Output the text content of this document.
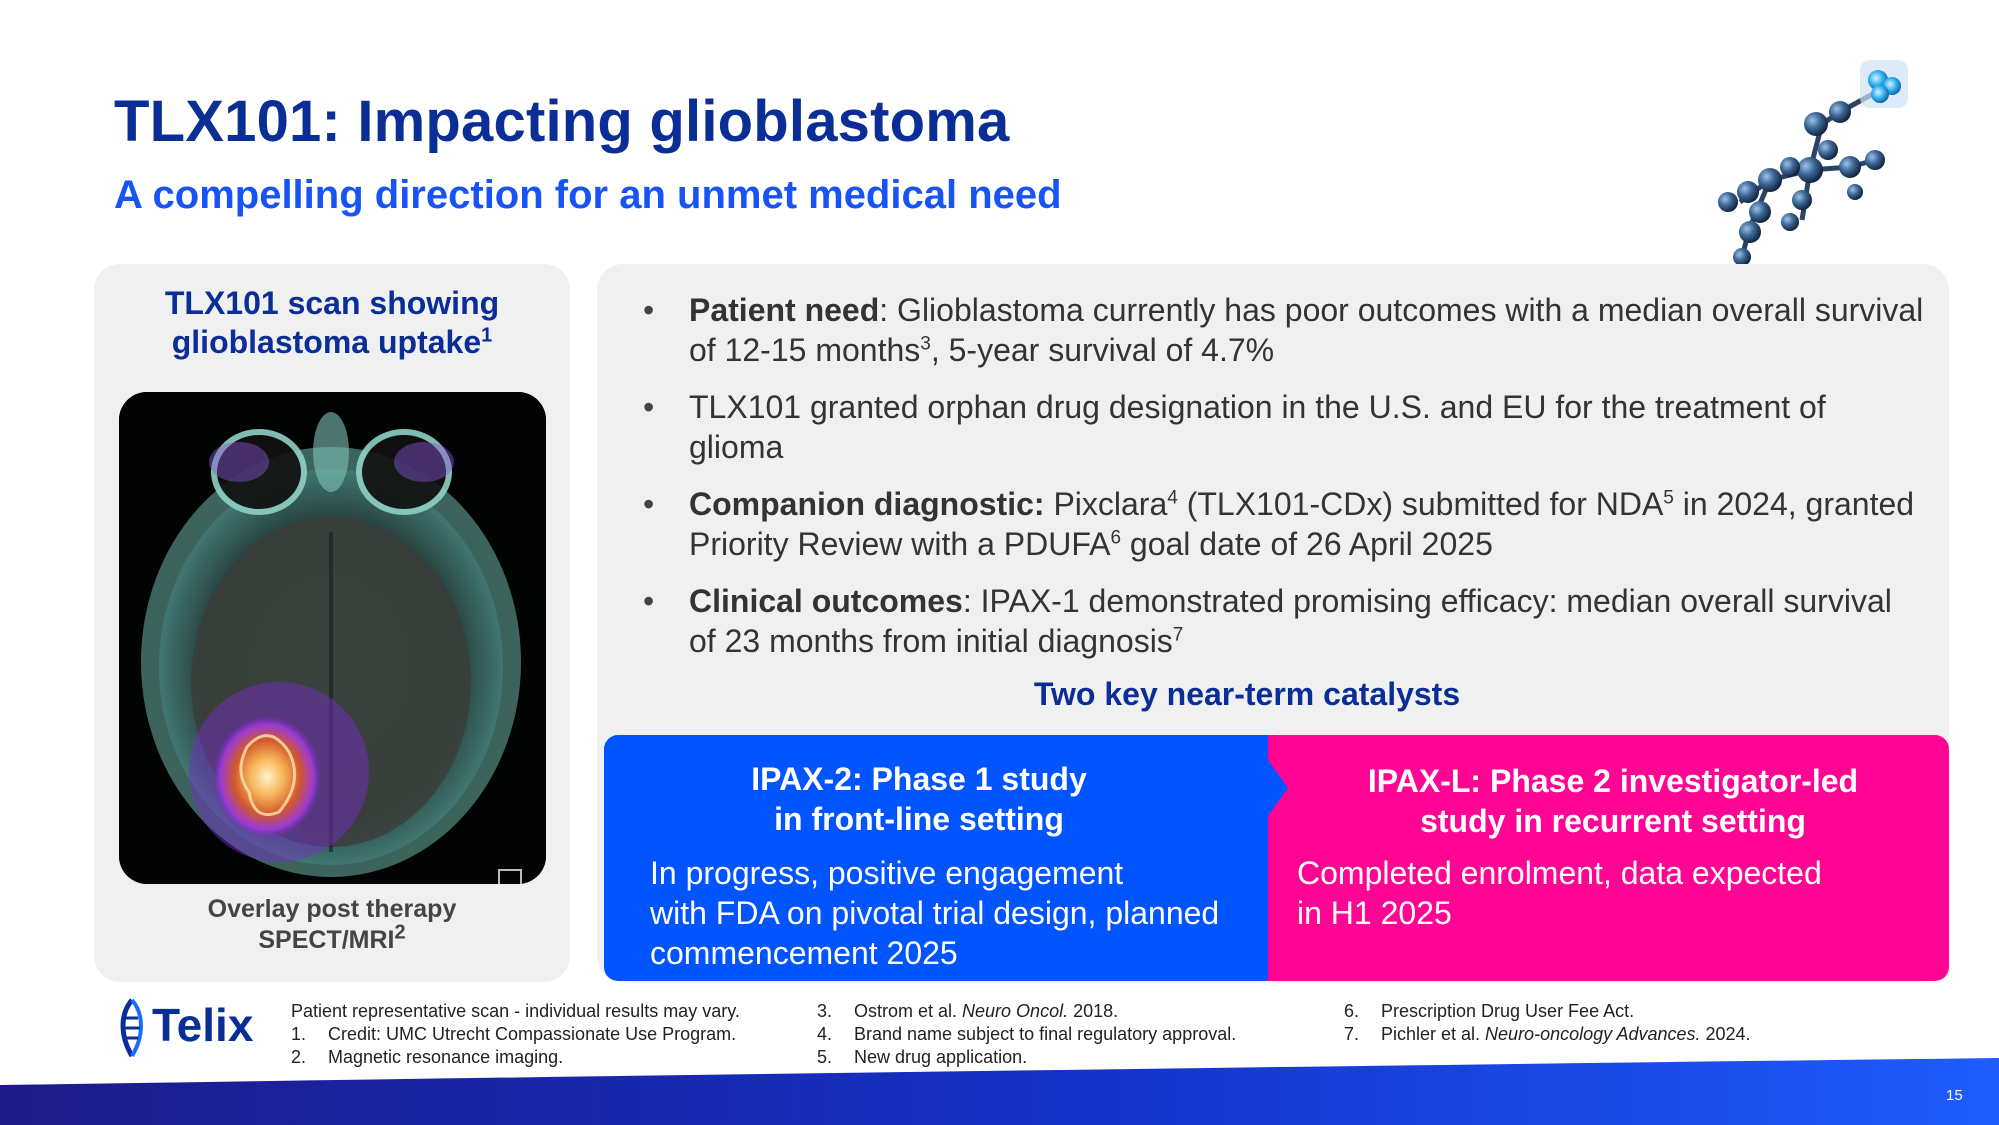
TLX101: Impacting glioblastoma
A compelling direction for an unmet medical need
TLX101 scan showing
glioblastoma uptake$^1$
Overlay post therapy
SPECT/MRI$^2$
• Patient need: Glioblastoma currently has poor outcomes with a median overall survival of 12-15 months$^3$, 5-year survival of 4.7%
• TLX101 granted orphan drug designation in the U.S. and EU for the treatment of glioma
• Companion diagnostic: Pixclara$^4$ (TLX101-CDx) submitted for NDA$^5$ in 2024, granted Priority Review with a PDUFA$^6$ goal date of 26 April 2025
• Clinical outcomes: IPAX-1 demonstrated promising efficacy: median overall survival of 23 months from initial diagnosis$^7$
Two key near-term catalysts
IPAX-2: Phase 1 study
in front-line setting
In progress, positive engagement
with FDA on pivotal trial design, planned
commencement 2025
IPAX-L: Phase 2 investigator-led
study in recurrent setting
Completed enrolment, data expected
in H1 2025
Telix Patient representative scan - individual results may vary.
1. Credit: UMC Utrecht Compassionate Use Program.
2. Magnetic resonance imaging.
3. Ostrom et al. Neuro Oncol. 2018.
4. Brand name subject to final regulatory approval.
5. New drug application.
6. Prescription Drug User Fee Act.
7. Pichler et al. Neuro-oncology Advances. 2024.
15
